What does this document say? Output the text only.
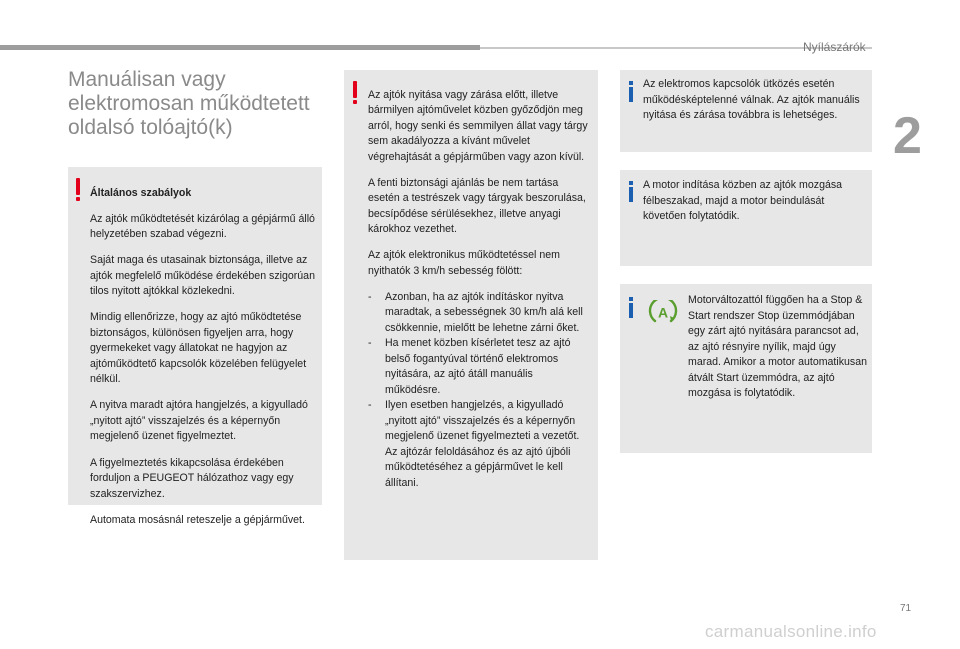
Nyílászárók
2
Manuálisan vagy elektromosan működtetett oldalsó tolóajtó(k)

Általános szabályok

Az ajtók működtetését kizárólag a gépjármű álló helyzetében szabad végezni.

Saját maga és utasainak biztonsága, illetve az ajtók megfelelő működése érdekében szigorúan tilos nyitott ajtókkal közlekedni.

Mindig ellenőrizze, hogy az ajtó működtetése biztonságos, különösen figyeljen arra, hogy gyermekeket vagy állatokat ne hagyjon az ajtóműködtető kapcsolók közelében felügyelet nélkül.

A nyitva maradt ajtóra hangjelzés, a kigyulladó „nyitott ajtó” visszajelzés és a képernyőn megjelenő üzenet figyelmeztet.

A figyelmeztetés kikapcsolása érdekében forduljon a PEUGEOT hálózathoz vagy egy szakszervizhez.

Automata mosásnál reteszelje a gépjárművet.

Az ajtók nyitása vagy zárása előtt, illetve bármilyen ajtóművelet közben győződjön meg arról, hogy senki és semmilyen állat vagy tárgy sem akadályozza a kívánt művelet végrehajtását a gépjárműben vagy azon kívül.

A fenti biztonsági ajánlás be nem tartása esetén a testrészek vagy tárgyak beszorulása, becsípődése sérülésekhez, illetve anyagi károkhoz vezethet.

Az ajtók elektronikus működtetéssel nem nyithatók 3 km/h sebesség fölött:

- Azonban, ha az ajtók indításkor nyitva maradtak, a sebességnek 30 km/h alá kell csökkennie, mielőtt be lehetne zárni őket.
- Ha menet közben kísérletet tesz az ajtó belső fogantyúval történő elektromos nyitására, az ajtó átáll manuális működésre.
- Ilyen esetben hangjelzés, a kigyulladó „nyitott ajtó” visszajelzés és a képernyőn megjelenő üzenet figyelmezteti a vezetőt. Az ajtózár feloldásához és az ajtó újbóli működtetéséhez a gépjárművet le kell állítani.
Az elektromos kapcsolók ütközés esetén működésképtelenné válnak. Az ajtók manuális nyitása és zárása továbbra is lehetséges.
A motor indítása közben az ajtók mozgása félbeszakad, majd a motor beindulását követően folytatódik.
A
Motorváltozattól függően ha a Stop & Start rendszer Stop üzemmódjában egy zárt ajtó nyitására parancsot ad, az ajtó résnyire nyílik, majd úgy marad. Amikor a motor automatikusan átvált Start üzemmódra, az ajtó mozgása is folytatódik.
71
carmanualsonline.info
